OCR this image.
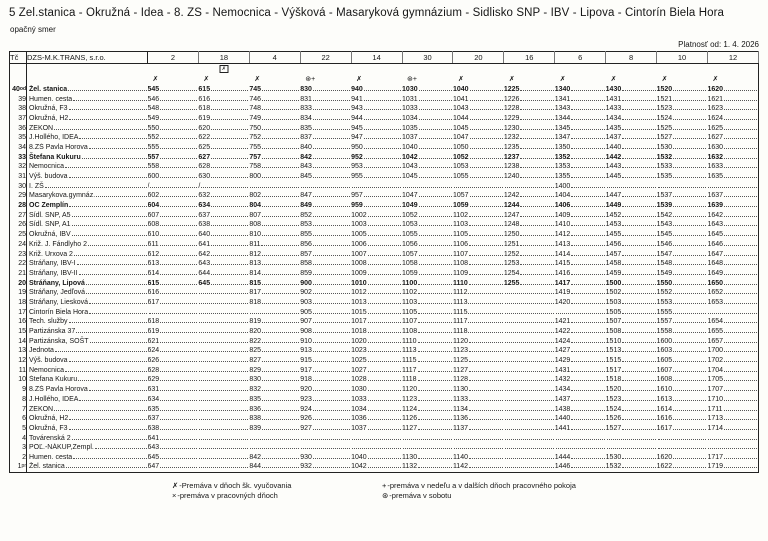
5 Žel.stanica - Okružná - Idea - 8. ZŠ - Nemocnica - Výšková - Masaryková gymnázium - Sidlisko SNP - IBV - Lipova - Cintorín Biela Hora
opačný smer
Platnosť od: 1. 4. 2026
Tč	DZS-M.K.TRANS, s.r.o.	2	18	4	22	14	30	20	16	6	8	10	12

		✗	✗
✗	✗	⊛+	✗	⊛+	✗	✗	✗	✗	✗	✗

40od	Žel. stanica	545	615	745	830	940	1030	1040	1225	1340	1430	1520	1620

39	Humen. cesta	546	616	746	831	941	1031	1041	1226	1341	1431	1521	1621

38	Okružná, F3	548	618	748	833	943	1033	1043	1228	1343	1433	1523	1623

37	Okružná, H2	549	619	749	834	944	1034	1044	1229	1344	1434	1524	1624

36	ZEKON	550	620	750	835	945	1035	1045	1230	1345	1435	1525	1625

35	J.Hollého, IDEA	552	622	752	837	947	1037	1047	1232	1347	1437	1527	1627

34	8.ZŠ Pavla Horova	555	625	755	840	950	1040	1050	1235	1350	1440	1530	1630

33	Štefana Kukuru	557	627	757	842	952	1042	1052	1237	1352	1442	1532	1632

32	Nemocnica	558	628	758	843	953	1043	1053	1238	1353	1443	1533	1633

31	Výš. budova	600	630	800	845	955	1045	1055	1240	1355	1445	1535	1635

30	I. ZŠ	/	/							1400			

29	Masarykova.gymnáz.	602	632	802	847	957	1047	1057	1242	1404	1447	1537	1637

28	OC Zemplín	604	634	804	849	959	1049	1059	1244	1406	1449	1539	1639

27	Sídl. SNP, A5	607	637	807	852	1002	1052	1102	1247	1409	1452	1542	1642

26	Sídl. SNP, A1	608	638	808	853	1003	1053	1103	1248	1410	1453	1543	1643

25	Okružná, IBV	610	640	810	855	1005	1055	1105	1250	1412	1455	1545	1645

24	Križ. J. Fándlyho 2	611	641	811	856	1006	1056	1106	1251	1413	1456	1546	1646

23	Križ. Urxova 2	612	642	812	857	1007	1057	1107	1252	1414	1457	1547	1647

22	Stráňany, IBV-I	613	643	813	858	1008	1058	1108	1253	1415	1458	1548	1648

21	Stráňany, IBV-II	614	644	814	859	1009	1059	1109	1254	1416	1459	1549	1649

20	Stráňany, Lipová	615	645	815	900	1010	1100	1110	1255	1417	1500	1550	1650

19	Stráňany, Jedľová	616		817	902	1012	1102	1112		1419	1502	1552	1652

18	Stráňany, Liesková	617		818	903	1013	1103	1113		1420	1503	1553	1653

17	Cintorín Biela Hora				905	1015	1105	1115			1505	1555	

16	Tech. služby	618		819	907	1017	1107	1117		1421	1507	1557	1654

15	Partizánska 37	619		820	908	1018	1108	1118		1422	1508	1558	1655

14	Partizánska, SOŠT	621		822	910	1020	1110	1120		1424	1510	1600	1657

13	Jednota	624		825	913	1023	1113	1123		1427	1513	1603	1700

12	Výš. budova	626		827	915	1025	1115	1125		1429	1515	1605	1702

11	Nemocnica	628		829	917	1027	1117	1127		1431	1517	1607	1704

10	Štefana Kukuru	629		830	918	1028	1118	1128		1432	1518	1608	1705

9	8.ZŠ Pavla Horova	631		832	920	1030	1120	1130		1434	1520	1610	1707

8	J.Hollého, IDEA	634		835	923	1033	1123	1133		1437	1523	1613	1710

7	ZEKON	635		836	924	1034	1124	1134		1438	1524	1614	1711

6	Okružná, H2	637		838	926	1036	1126	1136		1440	1526	1616	1713

5	Okružná, F3	638		839	927	1037	1127	1137		1441	1527	1617	1714

4	Továrenská 2	641											

3	POĽ.-NÁKUP,Zempl.	643											

2	Humen. cesta	645		842	930	1040	1130	1140		1444	1530	1620	1717

1pr	Žel. stanica	647		844	932	1042	1132	1142		1446	1532	1622	1719
✗-Premáva v dňoch šk. vyučovania	+-premáva v nedeľu a v dalších dňoch pracovného pokoja
×-premáva v pracovných dňoch	⊛-premáva v sobotu
